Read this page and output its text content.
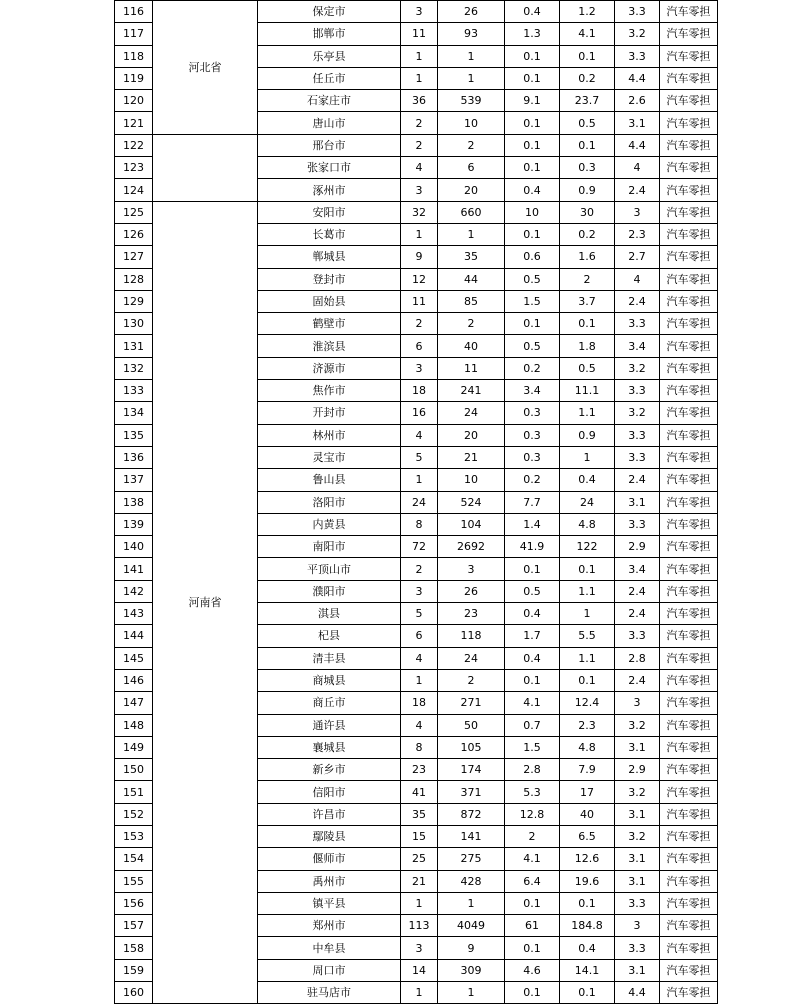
116	河北省	保定市	3	26	0.4	1.2	3.3	汽车零担
117		邯郸市	11	93	1.3	4.1	3.2	汽车零担
118		乐亭县	1	1	0.1	0.1	3.3	汽车零担
119		任丘市	1	1	0.1	0.2	4.4	汽车零担
120		石家庄市	36	539	9.1	23.7	2.6	汽车零担
121		唐山市	2	10	0.1	0.5	3.1	汽车零担
122		邢台市	2	2	0.1	0.1	4.4	汽车零担
123		张家口市	4	6	0.1	0.3	4	汽车零担
124		涿州市	3	20	0.4	0.9	2.4	汽车零担
125	河南省	安阳市	32	660	10	30	3	汽车零担
126		长葛市	1	1	0.1	0.2	2.3	汽车零担
127		郸城县	9	35	0.6	1.6	2.7	汽车零担
128		登封市	12	44	0.5	2	4	汽车零担
129		固始县	11	85	1.5	3.7	2.4	汽车零担
130		鹤壁市	2	2	0.1	0.1	3.3	汽车零担
131		淮滨县	6	40	0.5	1.8	3.4	汽车零担
132		济源市	3	11	0.2	0.5	3.2	汽车零担
133		焦作市	18	241	3.4	11.1	3.3	汽车零担
134		开封市	16	24	0.3	1.1	3.2	汽车零担
135		林州市	4	20	0.3	0.9	3.3	汽车零担
136		灵宝市	5	21	0.3	1	3.3	汽车零担
137		鲁山县	1	10	0.2	0.4	2.4	汽车零担
138		洛阳市	24	524	7.7	24	3.1	汽车零担
139		内黄县	8	104	1.4	4.8	3.3	汽车零担
140		南阳市	72	2692	41.9	122	2.9	汽车零担
141		平顶山市	2	3	0.1	0.1	3.4	汽车零担
142		濮阳市	3	26	0.5	1.1	2.4	汽车零担
143		淇县	5	23	0.4	1	2.4	汽车零担
144		杞县	6	118	1.7	5.5	3.3	汽车零担
145		清丰县	4	24	0.4	1.1	2.8	汽车零担
146		商城县	1	2	0.1	0.1	2.4	汽车零担
147		商丘市	18	271	4.1	12.4	3	汽车零担
148		通许县	4	50	0.7	2.3	3.2	汽车零担
149		襄城县	8	105	1.5	4.8	3.1	汽车零担
150		新乡市	23	174	2.8	7.9	2.9	汽车零担
151		信阳市	41	371	5.3	17	3.2	汽车零担
152		许昌市	35	872	12.8	40	3.1	汽车零担
153		鄢陵县	15	141	2	6.5	3.2	汽车零担
154		偃师市	25	275	4.1	12.6	3.1	汽车零担
155		禹州市	21	428	6.4	19.6	3.1	汽车零担
156		镇平县	1	1	0.1	0.1	3.3	汽车零担
157		郑州市	113	4049	61	184.8	3	汽车零担
158		中牟县	3	9	0.1	0.4	3.3	汽车零担
159		周口市	14	309	4.6	14.1	3.1	汽车零担
160		驻马店市	1	1	0.1	0.1	4.4	汽车零担
